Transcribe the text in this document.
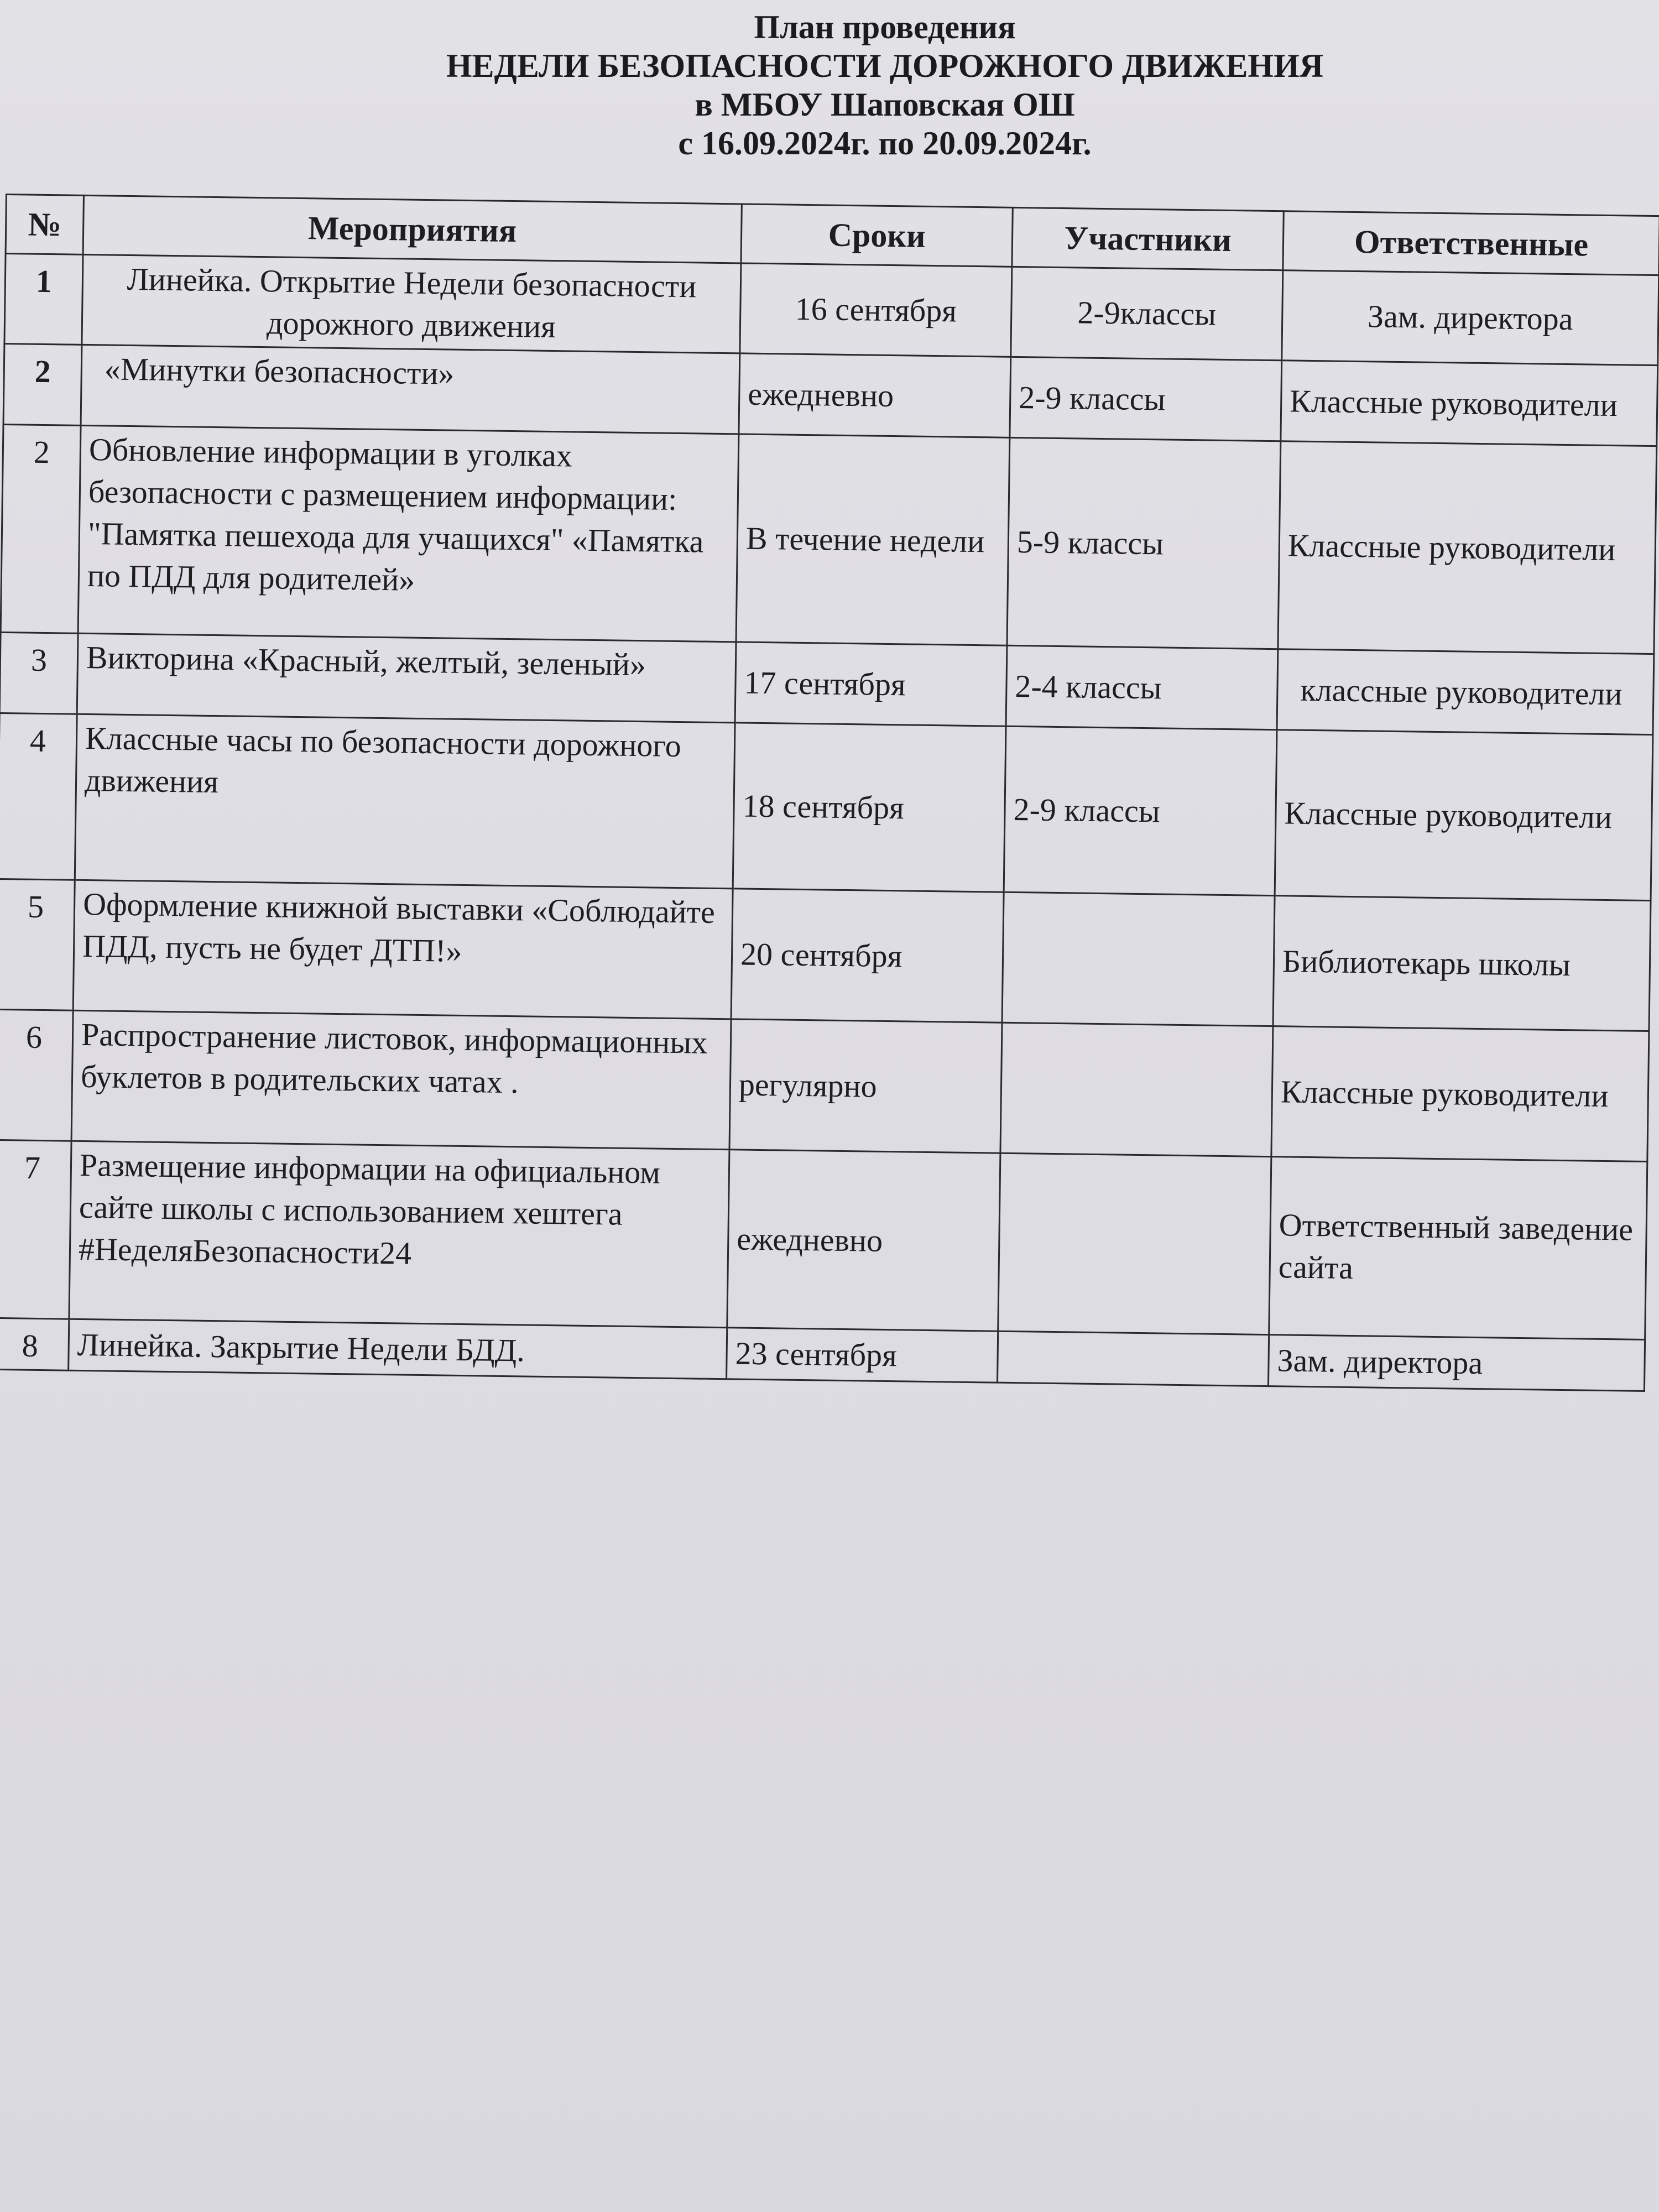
План проведения
НЕДЕЛИ БЕЗОПАСНОСТИ ДОРОЖНОГО ДВИЖЕНИЯ
в МБОУ Шаповская ОШ
с 16.09.2024г. по 20.09.2024г.
№	Мероприятия	Сроки	Участники	Ответственные
1	Линейка. Открытие Недели безопасности дорожного движения	16 сентября	2-9классы	Зам. директора
2	«Минутки безопасности»	ежедневно	2-9 классы	Классные руководители
2	Обновление информации в уголках безопасности с размещением информации: "Памятка пешехода для учащихся" «Памятка по ПДД для родителей»	В течение недели	5-9 классы	Классные руководители
3	Викторина «Красный, желтый, зеленый»	17 сентября	2-4 классы	классные руководители
4	Классные часы по безопасности дорожного движения	18 сентября	2-9 классы	Классные руководители
5	Оформление книжной выставки «Соблюдайте ПДД, пусть не будет ДТП!»	20 сентября		Библиотекарь школы
6	Распространение листовок, информационных буклетов в родительских чатах .	регулярно		Классные руководители
7	Размещение информации на официальном сайте школы с использованием хештега #НеделяБезопасности24	ежедневно		Ответственный заведение сайта
8	Линейка. Закрытие Недели БДД.	23 сентября		Зам. директора
